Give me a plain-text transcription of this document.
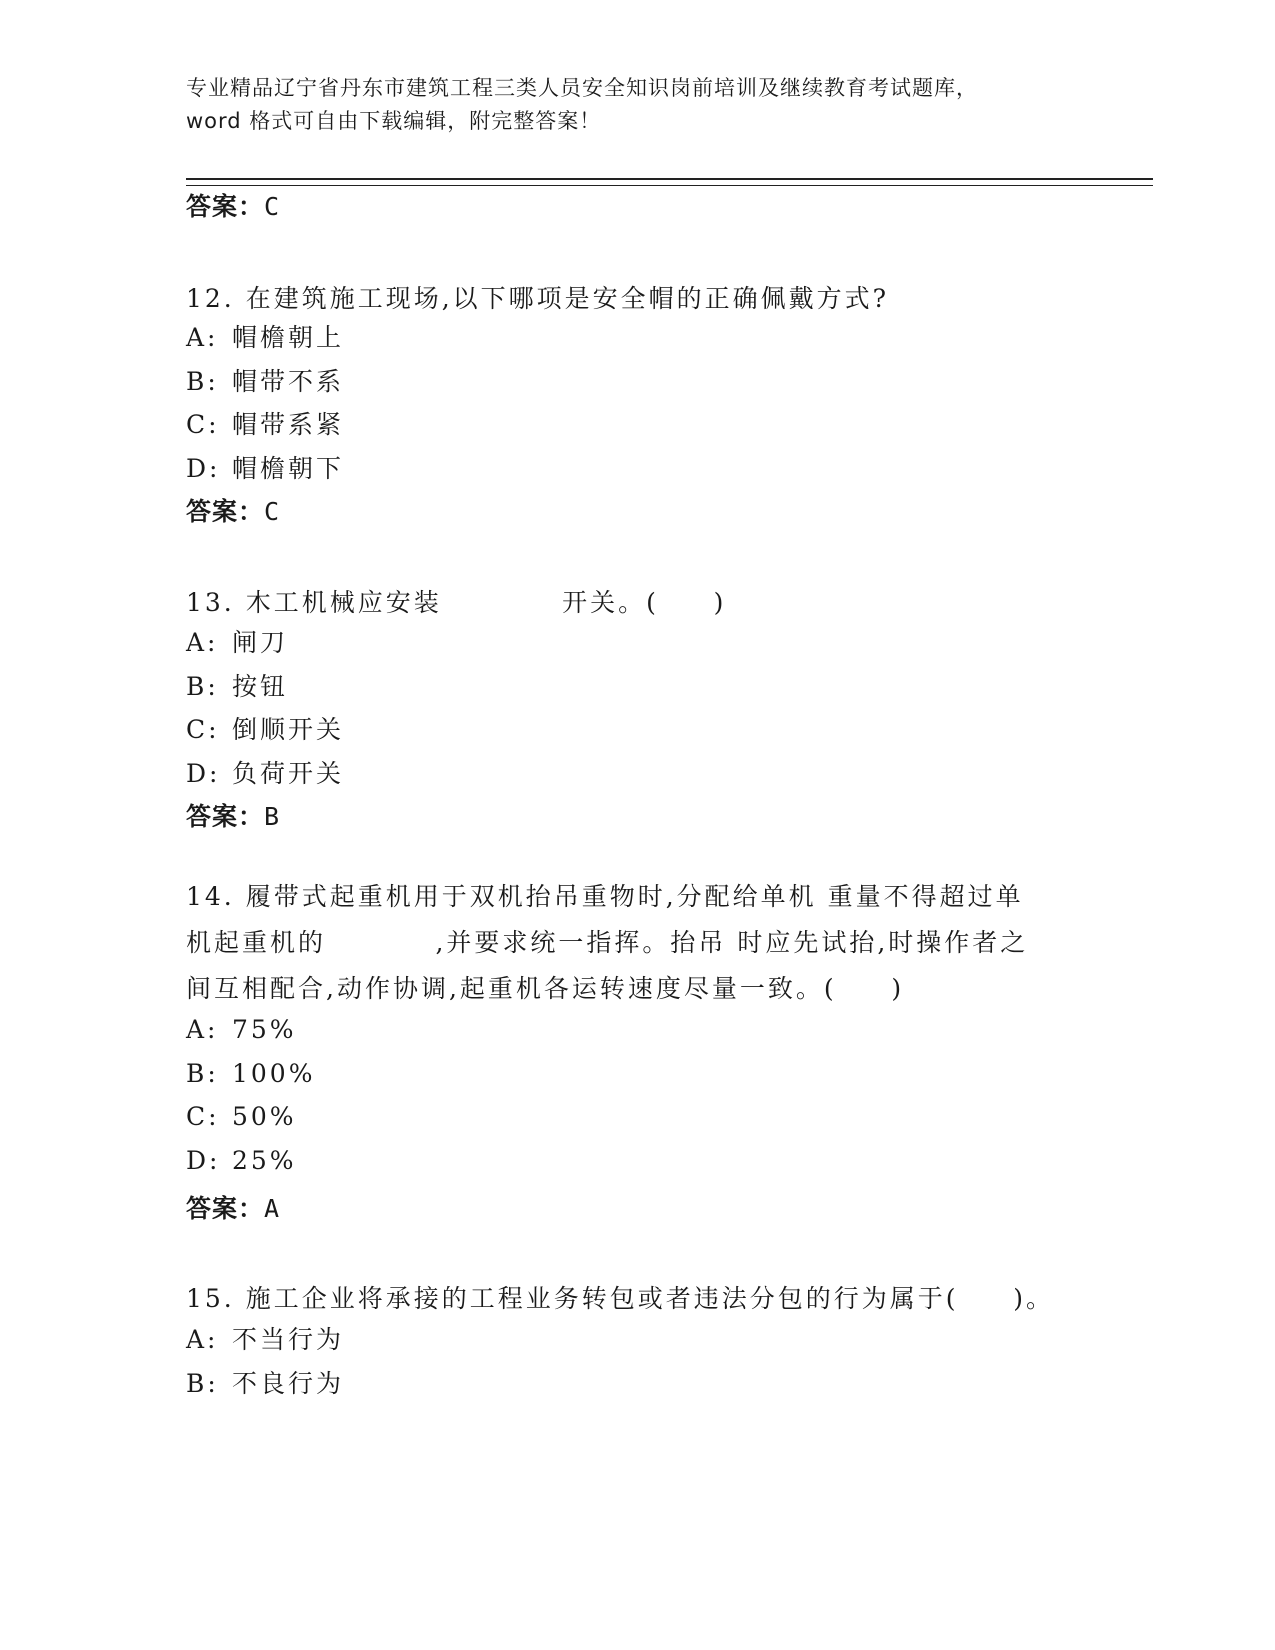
专业精品辽宁省丹东市建筑工程三类人员安全知识岗前培训及继续教育考试题库，
word 格式可自由下载编辑，附完整答案！
答案：C
12. 在建筑施工现场,以下哪项是安全帽的正确佩戴方式?
A: 帽檐朝上
B: 帽带不系
C: 帽带系紧
D: 帽檐朝下
答案：C
13. 木工机械应安装           开关。(     )
A: 闸刀
B: 按钮
C: 倒顺开关
D: 负荷开关
答案：B
14. 履带式起重机用于双机抬吊重物时,分配给单机 重量不得超过单
机起重机的          ,并要求统一指挥。抬吊 时应先试抬,时操作者之
间互相配合,动作协调,起重机各运转速度尽量一致。(     )
A: 75%
B: 100%
C: 50%
D: 25%
答案：A
15. 施工企业将承接的工程业务转包或者违法分包的行为属于(     )。
A: 不当行为
B: 不良行为
